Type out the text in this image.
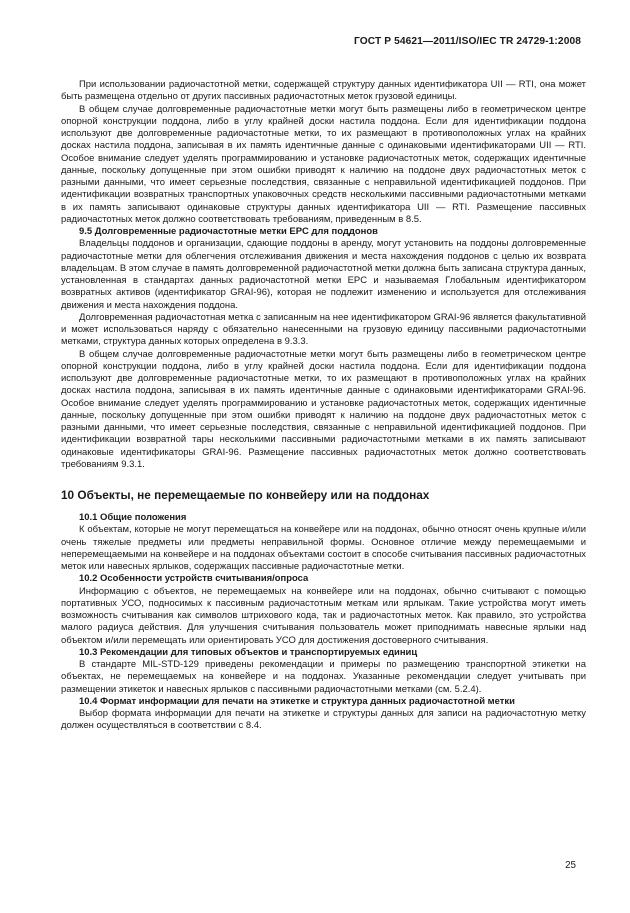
ГОСТ Р 54621—2011/ISO/IEC TR 24729-1:2008

При использовании радиочастотной метки, содержащей структуру данных идентификатора UII — RTI, она может быть размещена отдельно от других пассивных радиочастотных меток грузовой единицы.

В общем случае долговременные радиочастотные метки могут быть размещены либо в геометрическом центре опорной конструкции поддона, либо в углу крайней доски настила поддона. Если для идентификации поддона используют две долговременные радиочастотные метки, то их размещают в противоположных углах на крайних досках настила поддона, записывая в их память идентичные данные с одинаковыми идентификаторами UII — RTI. Особое внимание следует уделять программированию и установке радиочастотных меток, содержащих идентичные данные, поскольку допущенные при этом ошибки приводят к наличию на поддоне двух радиочастотных меток с разными данными, что имеет серьезные последствия, связанные с неправильной идентификацией поддонов. При идентификации возвратных транспортных упаковочных средств несколькими пассивными радиочастотными метками в их память записывают одинаковые структуры данных идентификатора UII — RTI. Размещение пассивных радиочастотных меток должно соответствовать требованиям, приведенным в 8.5.

9.5 Долговременные радиочастотные метки EPC для поддонов

Владельцы поддонов и организации, сдающие поддоны в аренду, могут установить на поддоны долговременные радиочастотные метки для облегчения отслеживания движения и места нахождения поддонов с целью их возврата владельцам. В этом случае в память долговременной радиочастотной метки должна быть записана структура данных, установленная в стандартах данных радиочастотной метки EPC и называемая Глобальным идентификатором возвратных активов (идентификатор GRAI-96), которая не подлежит изменению и используется для отслеживания движения и места нахождения поддона.

Долговременная радиочастотная метка с записанным на нее идентификатором GRAI-96 является факультативной и может использоваться наряду с обязательно нанесенными на грузовую единицу пассивными радиочастотными метками, структура данных которых определена в 9.3.3.

В общем случае долговременные радиочастотные метки могут быть размещены либо в геометрическом центре опорной конструкции поддона, либо в углу крайней доски настила поддона. Если для идентификации поддона используют две долговременные радиочастотные метки, то их размещают в противоположных углах на крайних досках настила поддона, записывая в их память идентичные данные с одинаковыми идентификаторами GRAI-96. Особое внимание следует уделять программированию и установке радиочастотных меток, содержащих идентичные данные, поскольку допущенные при этом ошибки приводят к наличию на поддоне двух радиочастотных меток с разными данными, что имеет серьезные последствия, связанные с неправильной идентификацией поддонов. При идентификации возвратной тары несколькими пассивными радиочастотными метками в их память записывают одинаковые идентификаторы GRAI-96. Размещение пассивных радиочастотных меток должно соответствовать требованиям 9.3.1.

10 Объекты, не перемещаемые по конвейеру или на поддонах

10.1 Общие положения

К объектам, которые не могут перемещаться на конвейере или на поддонах, обычно относят очень крупные и/или очень тяжелые предметы или предметы неправильной формы. Основное отличие между перемещаемыми и неперемещаемыми на конвейере и на поддонах объектами состоит в способе считывания пассивных радиочастотных меток или навесных ярлыков, содержащих пассивные радиочастотные метки.

10.2 Особенности устройств считывания/опроса

Информацию с объектов, не перемещаемых на конвейере или на поддонах, обычно считывают с помощью портативных УСО, подносимых к пассивным радиочастотным меткам или ярлыкам. Такие устройства могут иметь возможность считывания как символов штрихового кода, так и радиочастотных меток. Как правило, это устройства малого радиуса действия. Для улучшения считывания пользователь может приподнимать навесные ярлыки над объектом и/или перемещать или ориентировать УСО для достижения достоверного считывания.

10.3 Рекомендации для типовых объектов и транспортируемых единиц

В стандарте MIL-STD-129 приведены рекомендации и примеры по размещению транспортной этикетки на объектах, не перемещаемых на конвейере и на поддонах. Указанные рекомендации следует учитывать при размещении этикеток и навесных ярлыков с пассивными радиочастотными метками (см. 5.2.4).

10.4 Формат информации для печати на этикетке и структура данных радиочастотной метки

Выбор формата информации для печати на этикетке и структуры данных для записи на радиочастотную метку должен осуществляться в соответствии с 8.4.

25
